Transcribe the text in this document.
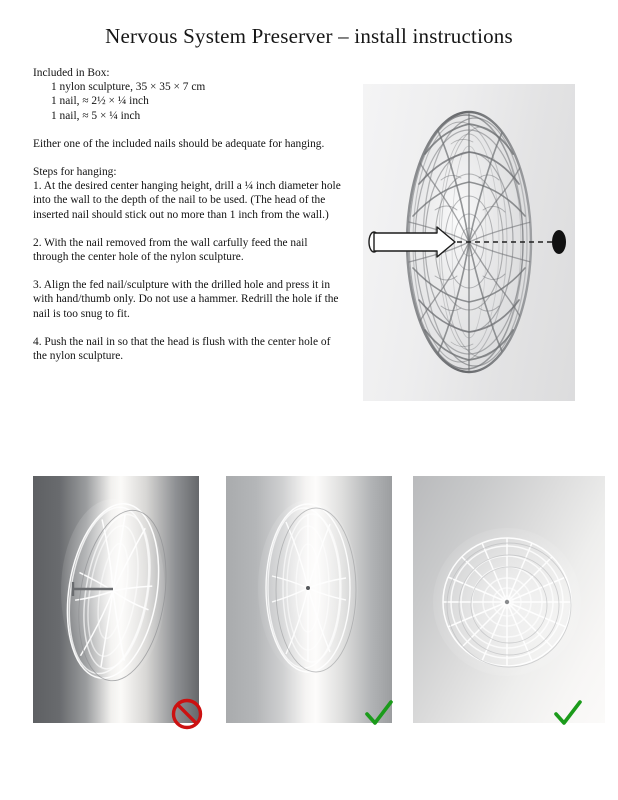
Nervous System Preserver – install instructions
Included in Box:
1 nylon sculpture, 35 × 35 × 7 cm
1 nail, ≈ 2½ × ¼ inch
1 nail, ≈ 5 × ¼ inch
Either one of the included nails should be adequate for hanging.
Steps for hanging:
1. At the desired center hanging height, drill a ¼ inch diameter hole into the wall to the depth of the nail to be used. (The head of the inserted nail should stick out no more than 1 inch from the wall.)
2. With the nail removed from the wall carfully feed the nail through the center hole of the nylon sculpture.
3. Align the fed nail/sculpture with the drilled hole and press it in with hand/thumb only. Do not use a hammer. Redrill the hole if the nail is too snug to fit.
4. Push the nail in so that the head is flush with the center hole of the nylon sculpture.
